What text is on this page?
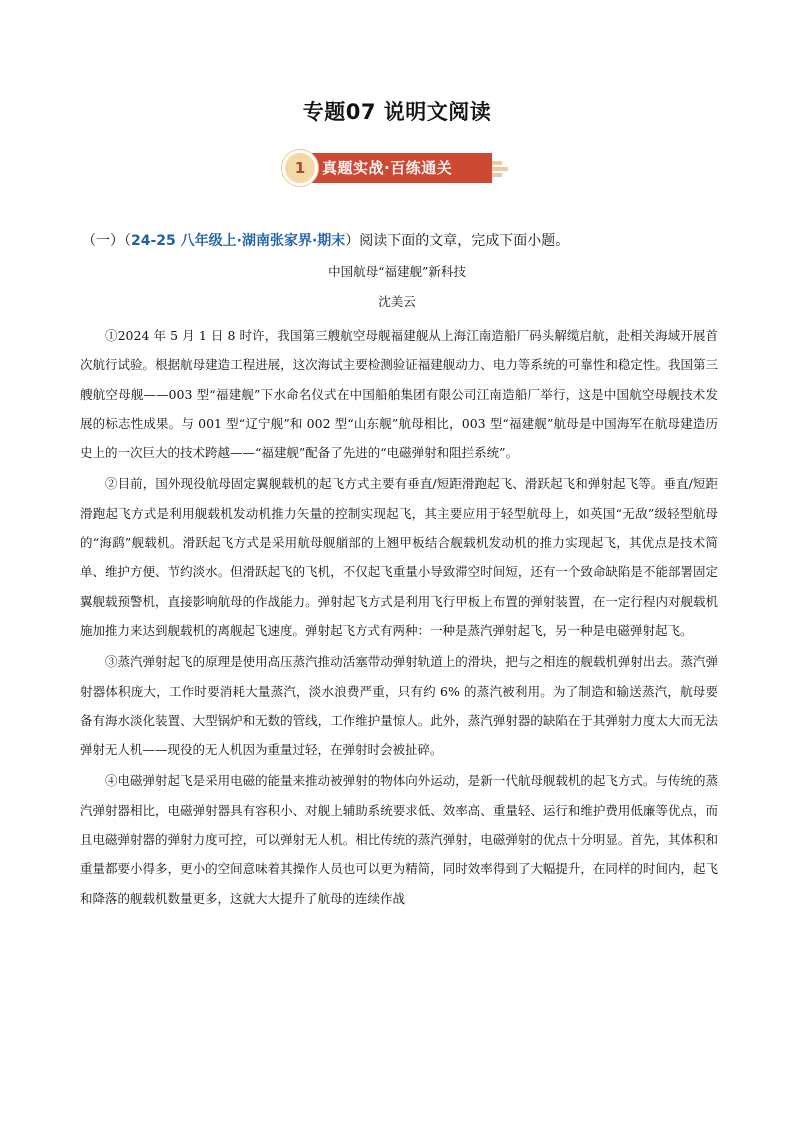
专题07 说明文阅读
1	真题实战·百练通关
（一）（24-25 八年级上·湖南张家界·期末）阅读下面的文章，完成下面小题。
中国航母“福建舰”新科技
沈美云

①2024 年 5 月 1 日 8 时许，我国第三艘航空母舰福建舰从上海江南造船厂码头解缆启航，赴相关海域开展首次航行试验。根据航母建造工程进展，这次海试主要检测验证福建舰动力、电力等系统的可靠性和稳定性。我国第三艘航空母舰——003 型“福建舰”下水命名仪式在中国船舶集团有限公司江南造船厂举行，这是中国航空母舰技术发展的标志性成果。与 001 型“辽宁舰”和 002 型“山东舰”航母相比，003 型“福建舰”航母是中国海军在航母建造历史上的一次巨大的技术跨越——“福建舰”配备了先进的“电磁弹射和阻拦系统”。

②目前，国外现役航母固定翼舰载机的起飞方式主要有垂直/短距滑跑起飞、滑跃起飞和弹射起飞等。垂直/短距滑跑起飞方式是利用舰载机发动机推力矢量的控制实现起飞，其主要应用于轻型航母上，如英国“无敌”级轻型航母的“海鹞”舰载机。滑跃起飞方式是采用航母舰艏部的上翘甲板结合舰载机发动机的推力实现起飞，其优点是技术简单、维护方便、节约淡水。但滑跃起飞的飞机，不仅起飞重量小导致滞空时间短，还有一个致命缺陷是不能部署固定翼舰载预警机，直接影响航母的作战能力。弹射起飞方式是利用飞行甲板上布置的弹射装置，在一定行程内对舰载机施加推力来达到舰载机的离舰起飞速度。弹射起飞方式有两种：一种是蒸汽弹射起飞，另一种是电磁弹射起飞。

③蒸汽弹射起飞的原理是使用高压蒸汽推动活塞带动弹射轨道上的滑块，把与之相连的舰载机弹射出去。蒸汽弹射器体积庞大，工作时要消耗大量蒸汽，淡水浪费严重，只有约 6% 的蒸汽被利用。为了制造和输送蒸汽，航母要备有海水淡化装置、大型锅炉和无数的管线，工作维护量惊人。此外，蒸汽弹射器的缺陷在于其弹射力度太大而无法弹射无人机——现役的无人机因为重量过轻，在弹射时会被扯碎。

④电磁弹射起飞是采用电磁的能量来推动被弹射的物体向外运动，是新一代航母舰载机的起飞方式。与传统的蒸汽弹射器相比，电磁弹射器具有容积小、对舰上辅助系统要求低、效率高、重量轻、运行和维护费用低廉等优点，而且电磁弹射器的弹射力度可控，可以弹射无人机。相比传统的蒸汽弹射，电磁弹射的优点十分明显。首先，其体积和重量都要小得多，更小的空间意味着其操作人员也可以更为精简，同时效率得到了大幅提升，在同样的时间内，起飞和降落的舰载机数量更多，这就大大提升了航母的连续作战
